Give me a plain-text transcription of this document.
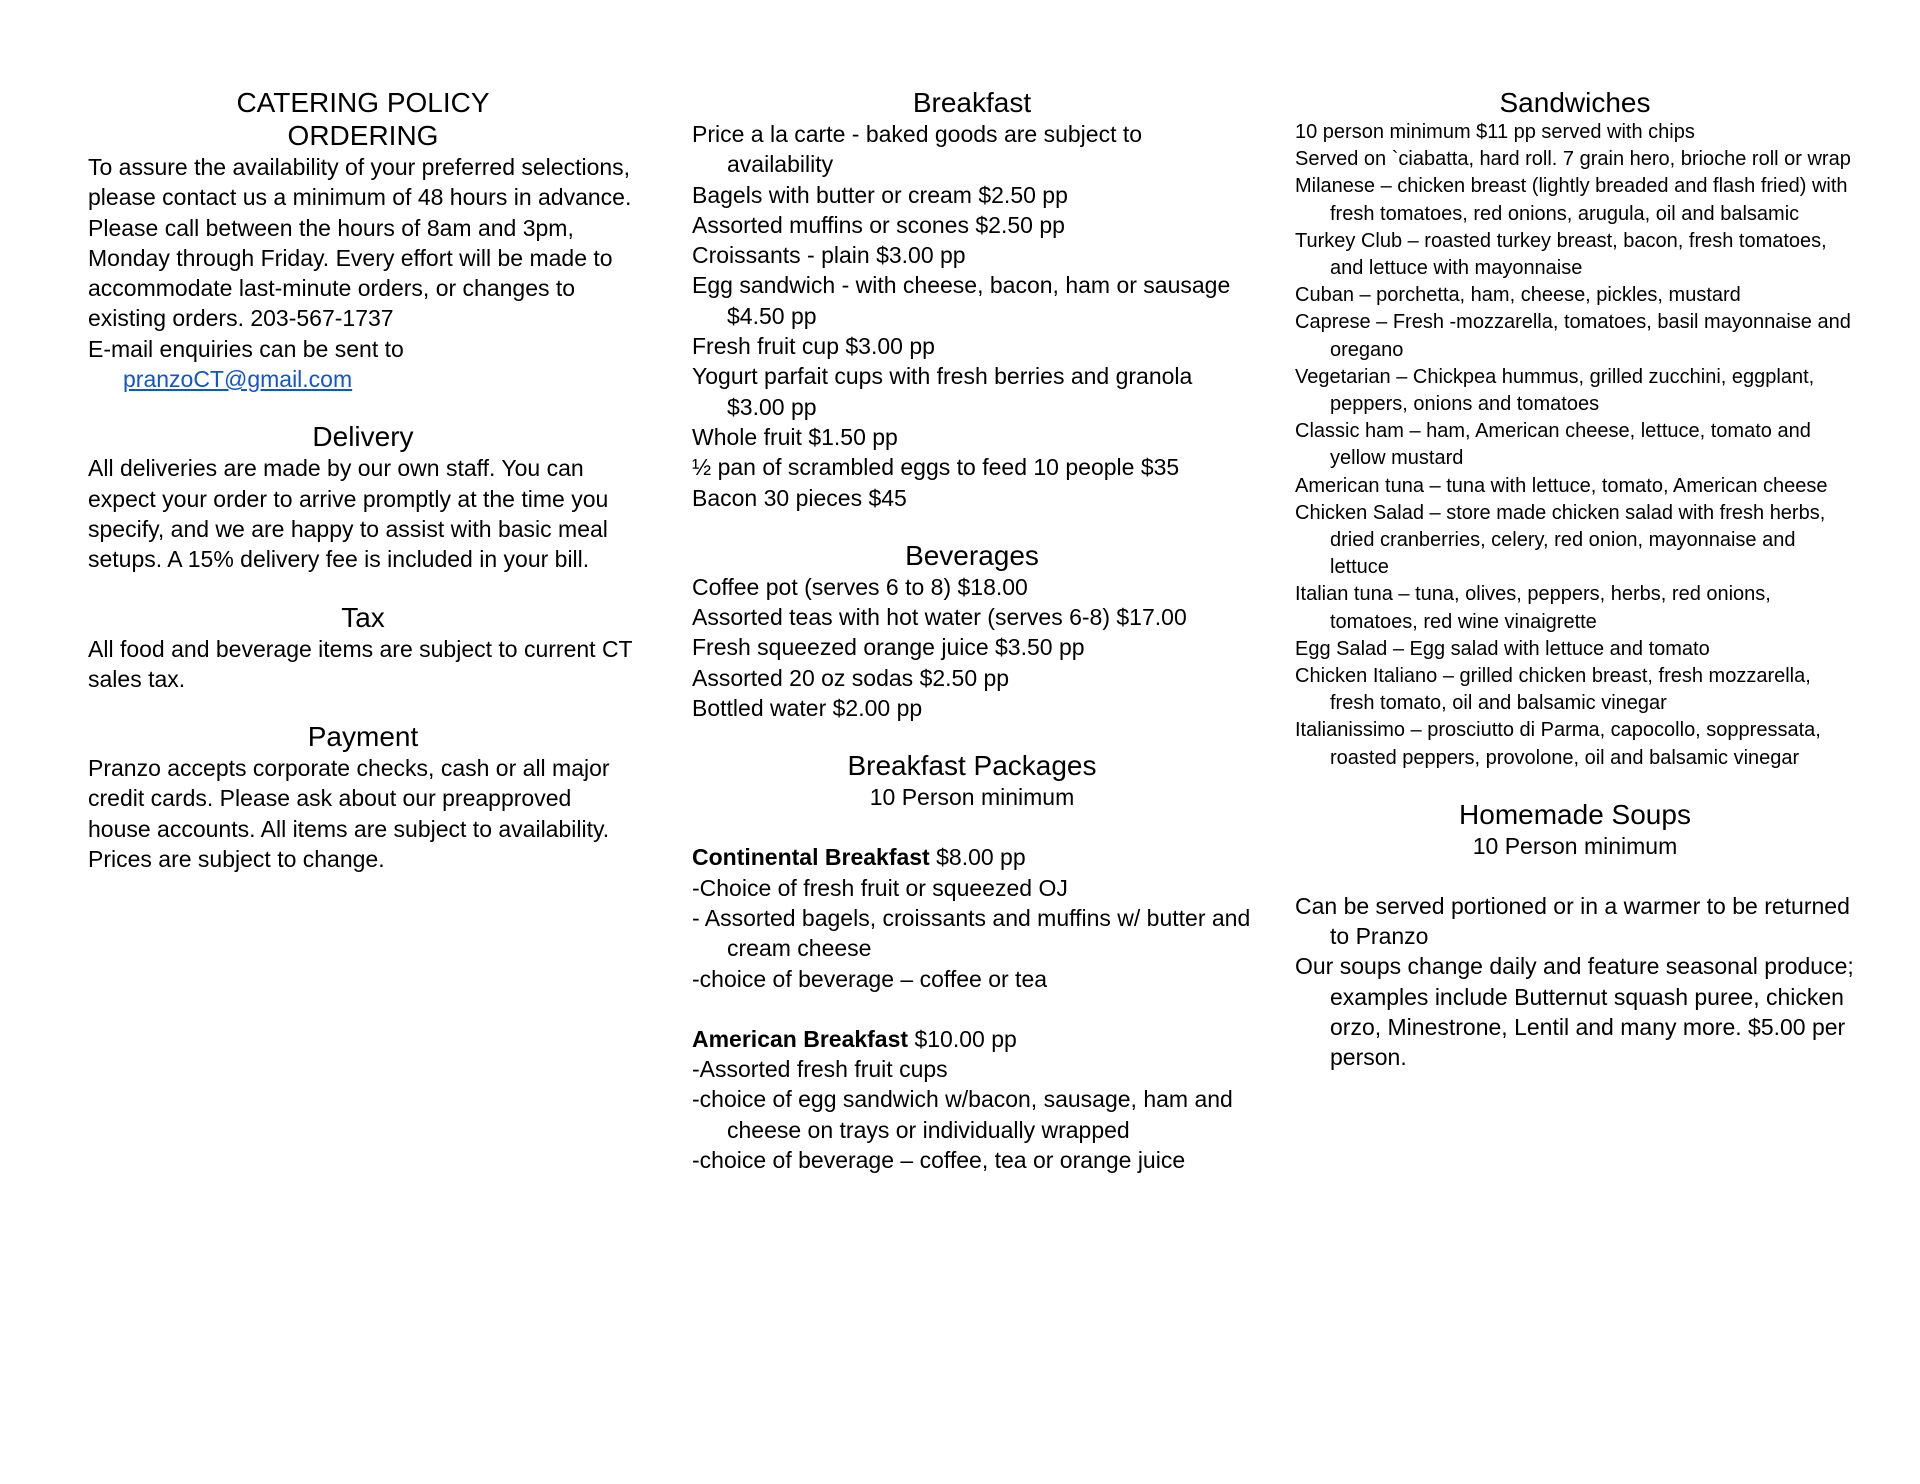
CATERING POLICY
ORDERING

To assure the availability of your preferred selections, please contact us a minimum of 48 hours in advance. Please call between the hours of 8am and 3pm, Monday through Friday. Every effort will be made to accommodate last-minute orders, or changes to existing orders. 203-567-1737

E-mail enquiries can be sent to

pranzoCT@gmail.com
Delivery

All deliveries are made by our own staff. You can expect your order to arrive promptly at the time you specify, and we are happy to assist with basic meal setups. A 15% delivery fee is included in your bill.

Tax

All food and beverage items are subject to current CT sales tax.

Payment

Pranzo accepts corporate checks, cash or all major credit cards. Please ask about our preapproved house accounts. All items are subject to availability.

Prices are subject to change.

Breakfast

Price a la carte - baked goods are subject to availability

Bagels with butter or cream $2.50 pp

Assorted muffins or scones $2.50 pp

Croissants - plain $3.00 pp

Egg sandwich - with cheese, bacon, ham or sausage $4.50 pp

Fresh fruit cup $3.00 pp

Yogurt parfait cups with fresh berries and granola $3.00 pp

Whole fruit $1.50 pp

½ pan of scrambled eggs to feed 10 people $35

Bacon 30 pieces $45

Beverages

Coffee pot (serves 6 to 8) $18.00

Assorted teas with hot water (serves 6-8) $17.00

Fresh squeezed orange juice $3.50 pp

Assorted 20 oz sodas $2.50 pp

Bottled water $2.00 pp

Breakfast Packages

10 Person minimum

Continental Breakfast $8.00 pp

-Choice of fresh fruit or squeezed OJ

- Assorted bagels, croissants and muffins w/ butter and cream cheese

-choice of beverage – coffee or tea

American Breakfast $10.00 pp

-Assorted fresh fruit cups

-choice of egg sandwich w/bacon, sausage, ham and cheese on trays or individually wrapped

-choice of beverage – coffee, tea or orange juice

Sandwiches

10 person minimum $11 pp served with chips

Served on `ciabatta, hard roll. 7 grain hero, brioche roll or wrap

Milanese – chicken breast (lightly breaded and flash fried) with fresh tomatoes, red onions, arugula, oil and balsamic

Turkey Club – roasted turkey breast, bacon, fresh tomatoes, and lettuce with mayonnaise

Cuban – porchetta, ham, cheese, pickles, mustard

Caprese – Fresh -mozzarella, tomatoes, basil mayonnaise and oregano

Vegetarian – Chickpea hummus, grilled zucchini, eggplant, peppers, onions and tomatoes

Classic ham – ham, American cheese, lettuce, tomato and yellow mustard

American tuna – tuna with lettuce, tomato, American cheese

Chicken Salad – store made chicken salad with fresh herbs, dried cranberries, celery, red onion, mayonnaise and lettuce

Italian tuna – tuna, olives, peppers, herbs, red onions, tomatoes, red wine vinaigrette

Egg Salad – Egg salad with lettuce and tomato

Chicken Italiano – grilled chicken breast, fresh mozzarella, fresh tomato, oil and balsamic vinegar

Italianissimo – prosciutto di Parma, capocollo, soppressata, roasted peppers, provolone, oil and balsamic vinegar

Homemade Soups

10 Person minimum

Can be served portioned or in a warmer to be returned to Pranzo

Our soups change daily and feature seasonal produce; examples include Butternut squash puree, chicken orzo, Minestrone, Lentil and many more. $5.00 per person.
